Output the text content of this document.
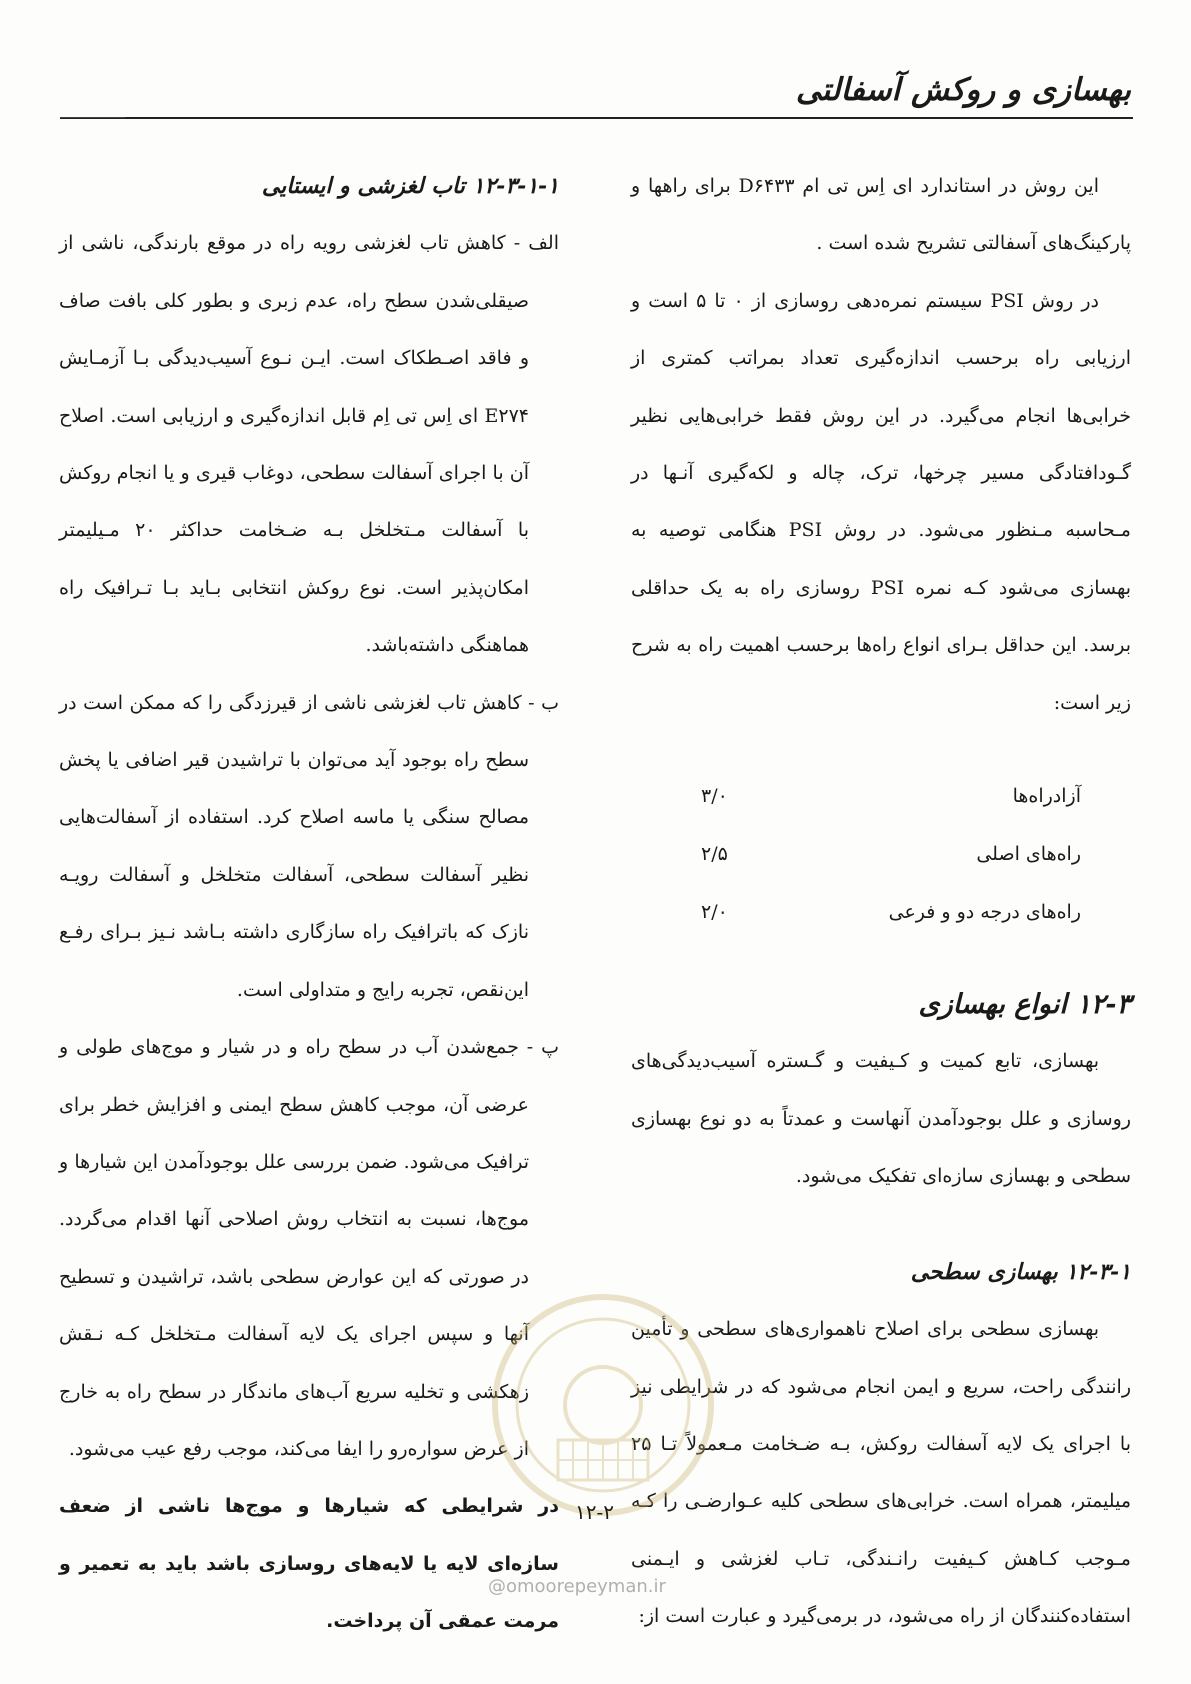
بهسازی و روکش آسفالتی

این روش در استاندارد ای اِس تی ام D۶۴۳۳ برای راهها و پارکینگ‌های آسفالتی تشریح شده است .

در روش PSI سیستم نمره‌دهی روسازی از ۰ تا ۵ است و ارزیابی راه برحسب اندازه‌گیری تعداد بمراتب کمتری از خرابی‌ها انجام می‌گیرد. در این روش فقط خرابی‌هایی نظیر گـودافتادگی مسیر چرخها، ترک، چاله و لکه‌گیری آنـها در مـحاسبه مـنظور می‌شود. در روش PSI هنگامی توصیه به بهسازی می‌شود کـه نمره PSI روسازی راه به یک حداقلی برسد. این حداقل بـرای انواع راه‌ها برحسب اهمیت راه به شرح زیر است:

آزادراه‌ها
۳/۰
راه‌های اصلی
۲/۵
راه‌های درجه دو و فرعی
۲/۰

۱۲-۳ انواع بهسازی

بهسازی، تابع کمیت و کـیفیت و گـستره آسیب‌دیدگی‌های روسازی و علل بوجودآمدن آنهاست و عمدتاً به دو نوع بهسازی سطحی و بهسازی سازه‌ای تفکیک می‌شود.

۱۲-۳-۱ بهسازی سطحی

بهسازی سطحی برای اصلاح ناهمواری‌های سطحی و تأمین رانندگی راحت، سریع و ایمن انجام می‌شود که در شرایطی نیز با اجرای یک لایه آسفالت روکش، بـه ضـخامت مـعمولاً تـا ۲۵ میلیمتر، همراه است. خرابی‌های سطحی کلیه عـوارضـی را کـه مـوجب کـاهش کـیفیت رانـندگی، تـاب لغزشی و ایـمنی استفاده‌کنندگان از راه می‌شود، در برمی‌گیرد و عبارت است از:

۱۲-۳-۱-۱ تاب لغزشی و ایستایی

الف - کاهش تاب لغزشی رویه راه در موقع بارندگی، ناشی از صیقلی‌شدن سطح راه، عدم زبری و بطور کلی بافت صاف و فاقد اصـطکاک است. ایـن نـوع آسیب‌دیدگی بـا آزمـایش E۲۷۴ ای اِس تی اِم قابل اندازه‌گیری و ارزیابی است. اصلاح آن با اجرای آسفالت سطحی، دوغاب قیری و یا انجام روکش با آسفالت مـتخلخل بـه ضـخامت حداکثر ۲۰ مـیلیمتر امکان‌پذیر است. نوع روکش انتخابی بـاید بـا تـرافیک راه هماهنگی داشته‌باشد.

ب - کاهش تاب لغزشی ناشی از قیرزدگی را که ممکن است در سطح راه بوجود آید می‌توان با تراشیدن قیر اضافی یا پخش مصالح سنگی یا ماسه اصلاح کرد. استفاده از آسفالت‌هایی نظیر آسفالت سطحی، آسفالت متخلخل و آسفالت رویـه نازک که باترافیک راه سازگاری داشته بـاشد نـیز بـرای رفـع این‌نقص، تجربه رایج و متداولی است.

پ - جمع‌شدن آب در سطح راه و در شیار و موج‌های طولی و عرضی آن، موجب کاهش سطح ایمنی و افزایش خطر برای ترافیک می‌شود. ضمن بررسی علل بوجودآمدن این شیارها و موج‌ها، نسبت به انتخاب روش اصلاحی آنها اقدام می‌گردد. در صورتی که این عوارض سطحی باشد، تراشیدن و تسطیح آنها و سپس اجرای یک لایه آسفالت مـتخلخل کـه نـقش زهکشی و تخلیه سریع آب‌های ماندگار در سطح راه به خارج از عرض سواره‌رو را ایفا می‌کند، موجب رفع عیب می‌شود.

در شرایطی که شیارها و موج‌ها ناشی از ضعف سازه‌ای لایه یا لایه‌های روسازی باشد باید به تعمیر و مرمت عمقی آن پرداخت.

۱۲-۲
@omoorepeyman.ir
